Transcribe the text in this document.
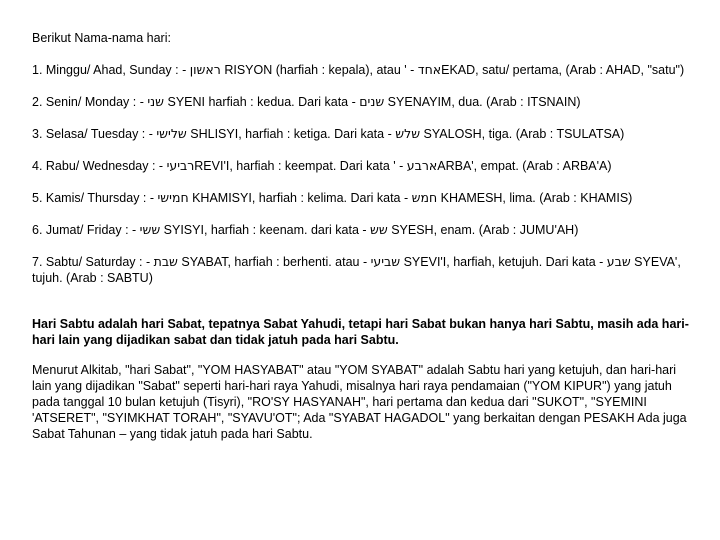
Berikut Nama-nama hari:

1. Minggu/ Ahad, Sunday : - ראשון RISYON (harfiah : kepala), atau ' - אחדEKAD, satu/ pertama, (Arab : AHAD, "satu")

2. Senin/ Monday : - שני SYENI harfiah : kedua. Dari kata - שנים SYENAYIM, dua. (Arab : ITSNAIN)

3. Selasa/ Tuesday : - שלישי SHLISYI, harfiah : ketiga. Dari kata - שלש SYALOSH, tiga. (Arab : TSULATSA)

4. Rabu/ Wednesday : - רביעיREVI'I, harfiah : keempat. Dari kata ' - ארבעARBA', empat. (Arab : ARBA'A)

5. Kamis/ Thursday : - חמישי KHAMISYI, harfiah : kelima. Dari kata - חמש KHAMESH, lima. (Arab : KHAMIS)

6. Jumat/ Friday : - ששי SYISYI, harfiah : keenam. dari kata - שש SYESH, enam. (Arab : JUMU'AH)

7. Sabtu/ Saturday : - שבת SYABAT, harfiah : berhenti. atau - שביעי SYEVI'I, harfiah, ketujuh. Dari kata - שבע SYEVA', tujuh. (Arab : SABTU)

Hari Sabtu adalah hari Sabat, tepatnya Sabat Yahudi, tetapi hari Sabat bukan hanya hari Sabtu, masih ada hari-hari lain yang dijadikan sabat dan tidak jatuh pada hari Sabtu.

Menurut Alkitab, "hari Sabat", "YOM HASYABAT" atau "YOM SYABAT" adalah Sabtu hari yang ketujuh, dan hari-hari lain yang dijadikan "Sabat" seperti hari-hari raya Yahudi, misalnya hari raya pendamaian ("YOM KIPUR") yang jatuh pada tanggal 10 bulan ketujuh (Tisyri), "RO'SY HASYANAH", hari pertama dan kedua dari "SUKOT", "SYEMINI 'ATSERET", "SYIMKHAT TORAH", "SYAVU'OT"; Ada "SYABAT HAGADOL" yang berkaitan dengan PESAKH Ada juga Sabat Tahunan – yang tidak jatuh pada hari Sabtu.
